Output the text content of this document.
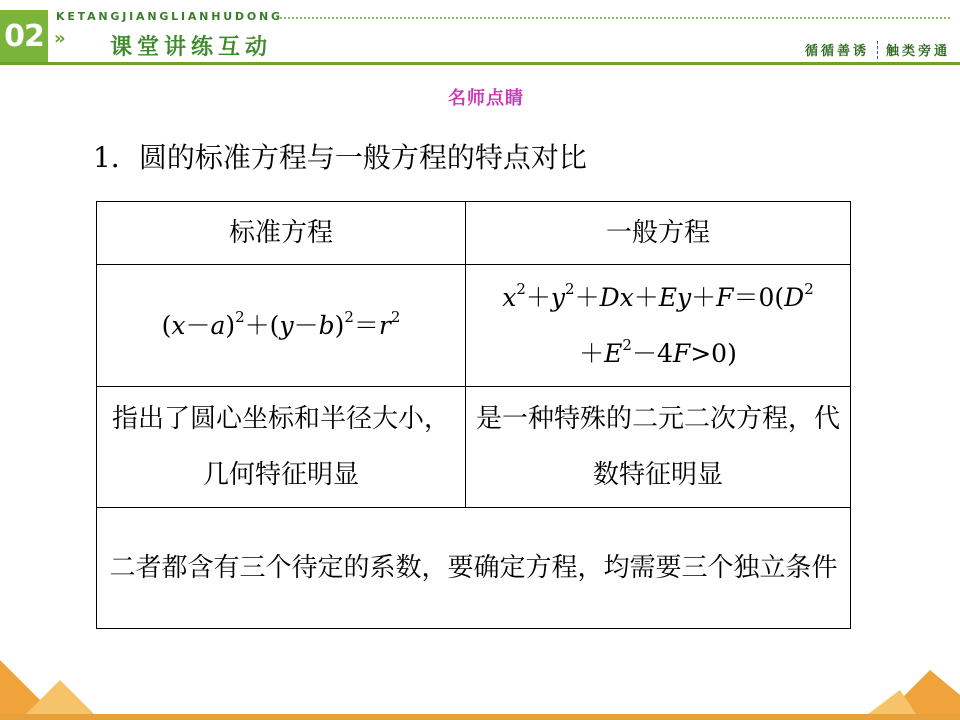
02 »
KETANGJIANGLIANHUDONG
课堂讲练互动	循循善诱 触类旁通
名师点睛
1．圆的标准方程与一般方程的特点对比
标准方程	一般方程
$(x-a)^2+(y-b)^2=r^2$	$x^2+y^2+Dx+Ey+F=0(D^2$
$+E^2-4F>0$)
指出了圆心坐标和半径大小，几何特征明显	是一种特殊的二元二次方程，代数特征明显
二者都含有三个待定的系数，要确定方程，均需要三个独立条件	
